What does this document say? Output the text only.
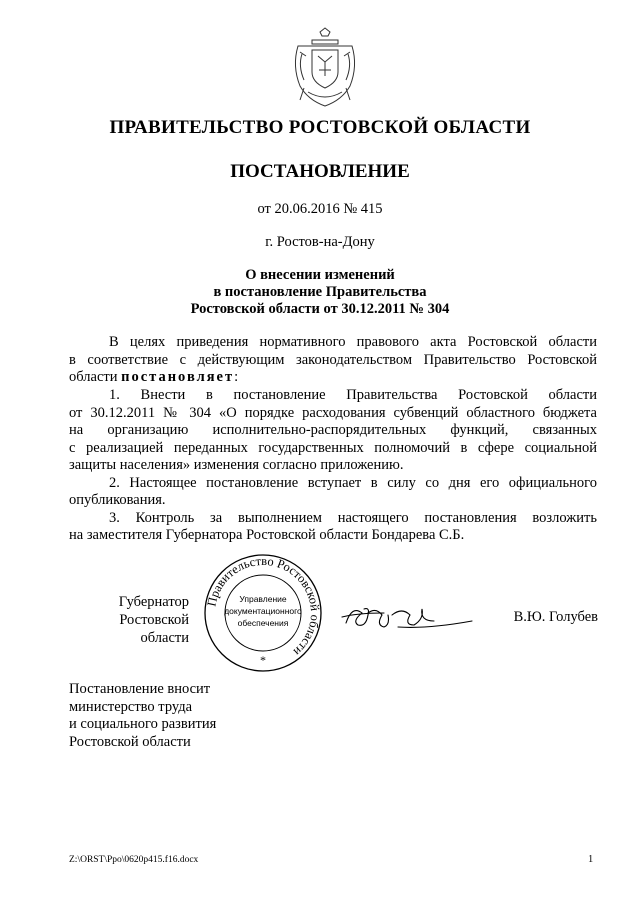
ПРАВИТЕЛЬСТВО РОСТОВСКОЙ ОБЛАСТИ
ПОСТАНОВЛЕНИЕ
от 20.06.2016 № 415
г. Ростов-на-Дону
О внесении изменений
в постановление Правительства
Ростовской области от 30.12.2011 № 304

В целях приведения нормативного правового акта Ростовской области

в соответствие с действующим законодательством Правительство Ростовской

области постановляет:

1. Внести в постановление Правительства Ростовской области

от 30.12.2011 № 304 «О порядке расходования субвенций областного бюджета

на организацию исполнительно-распорядительных функций, связанных

с реализацией переданных государственных полномочий в сфере социальной

защиты населения» изменения согласно приложению.

2. Настоящее постановление вступает в силу со дня его официального

опубликования.

3. Контроль за выполнением настоящего постановления возложить

на заместителя Губернатора Ростовской области Бондарева С.Б.

Губернатор
Ростовской области
Правительство Ростовской области
Управление
документационного
обеспечения
*
В.Ю. Голубев
Постановление вносит
министерство труда
и социального развития
Ростовской области
Z:\ORST\Ppo\0620p415.f16.docx	1
